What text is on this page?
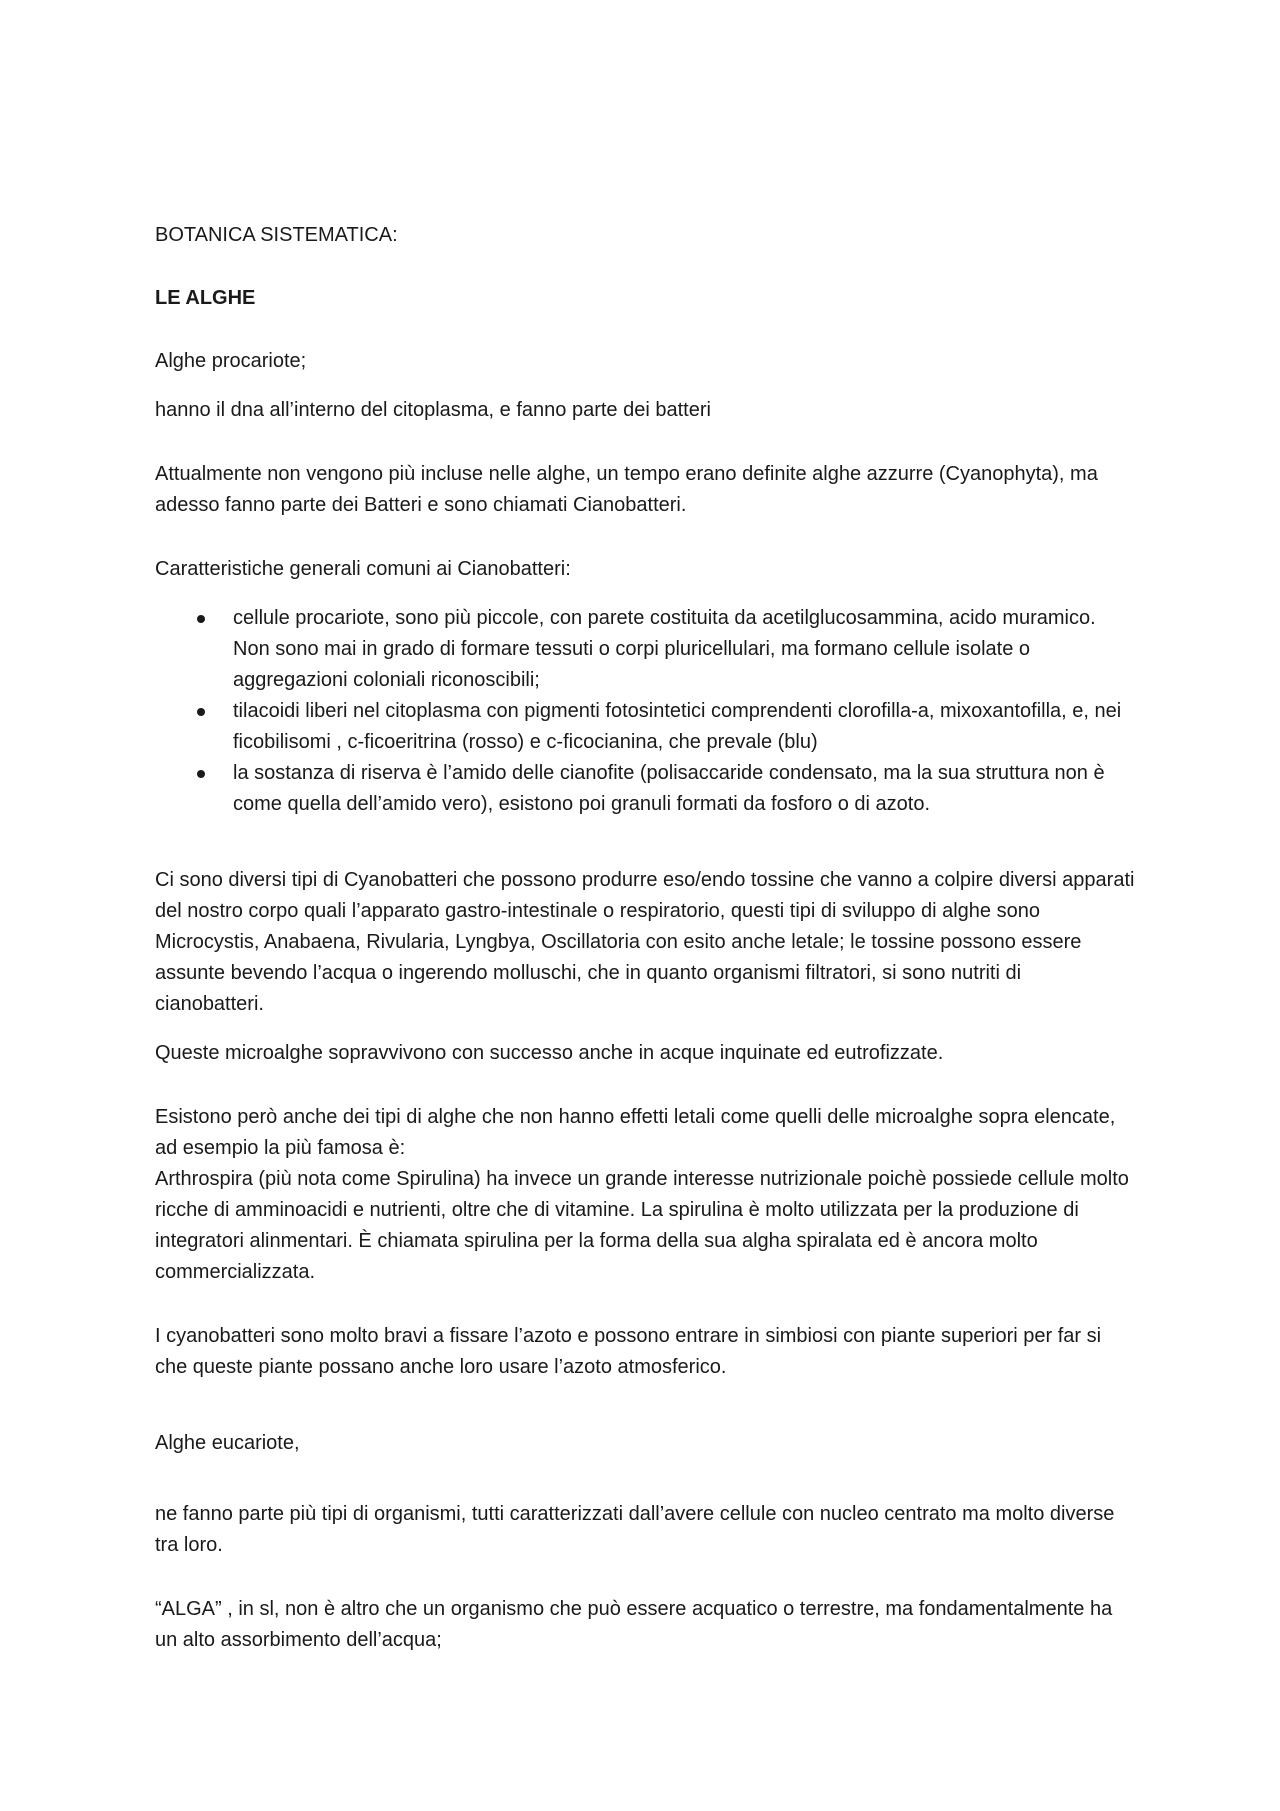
BOTANICA SISTEMATICA:

LE ALGHE

Alghe procariote;

hanno il dna all’interno del citoplasma, e fanno parte dei batteri

Attualmente non vengono più incluse nelle alghe, un tempo erano definite alghe azzurre (Cyanophyta), ma adesso fanno parte dei Batteri e sono chiamati Cianobatteri.

Caratteristiche generali comuni ai Cianobatteri:

cellule procariote, sono più piccole, con parete costituita da acetilglucosammina, acido muramico. Non sono mai in grado di formare tessuti o corpi pluricellulari, ma formano cellule isolate o aggregazioni coloniali riconoscibili;
tilacoidi liberi nel citoplasma con pigmenti fotosintetici comprendenti clorofilla-a, mixoxantofilla, e, nei ficobilisomi , c-ficoeritrina (rosso) e c-ficocianina, che prevale (blu)
la sostanza di riserva è l’amido delle cianofite (polisaccaride condensato, ma la sua struttura non è come quella dell’amido vero), esistono poi granuli formati da fosforo o di azoto.

Ci sono diversi tipi di Cyanobatteri che possono produrre eso/endo tossine che vanno a colpire diversi apparati del nostro corpo quali l’apparato gastro-intestinale o respiratorio, questi tipi di sviluppo di alghe sono Microcystis, Anabaena, Rivularia, Lyngbya, Oscillatoria con esito anche letale; le tossine possono essere assunte bevendo l’acqua o ingerendo molluschi, che in quanto organismi filtratori, si sono nutriti di cianobatteri.

Queste microalghe sopravvivono con successo anche in acque inquinate ed eutrofizzate.

Esistono però anche dei tipi di alghe che non hanno effetti letali come quelli delle microalghe sopra elencate, ad esempio la più famosa è:

Arthrospira (più nota come Spirulina) ha invece un grande interesse nutrizionale poichè possiede cellule molto ricche di amminoacidi e nutrienti, oltre che di vitamine. La spirulina è molto utilizzata per la produzione di integratori alinmentari. È chiamata spirulina per la forma della sua algha spiralata ed è ancora molto commercializzata.

I cyanobatteri sono molto bravi a fissare l’azoto e possono entrare in simbiosi con piante superiori per far si che queste piante possano anche loro usare l’azoto atmosferico.

Alghe eucariote,

ne fanno parte più tipi di organismi, tutti caratterizzati dall’avere cellule con nucleo centrato ma molto diverse tra loro.

“ALGA” , in sl, non è altro che un organismo che può essere acquatico o terrestre, ma fondamentalmente ha un alto assorbimento dell’acqua;
